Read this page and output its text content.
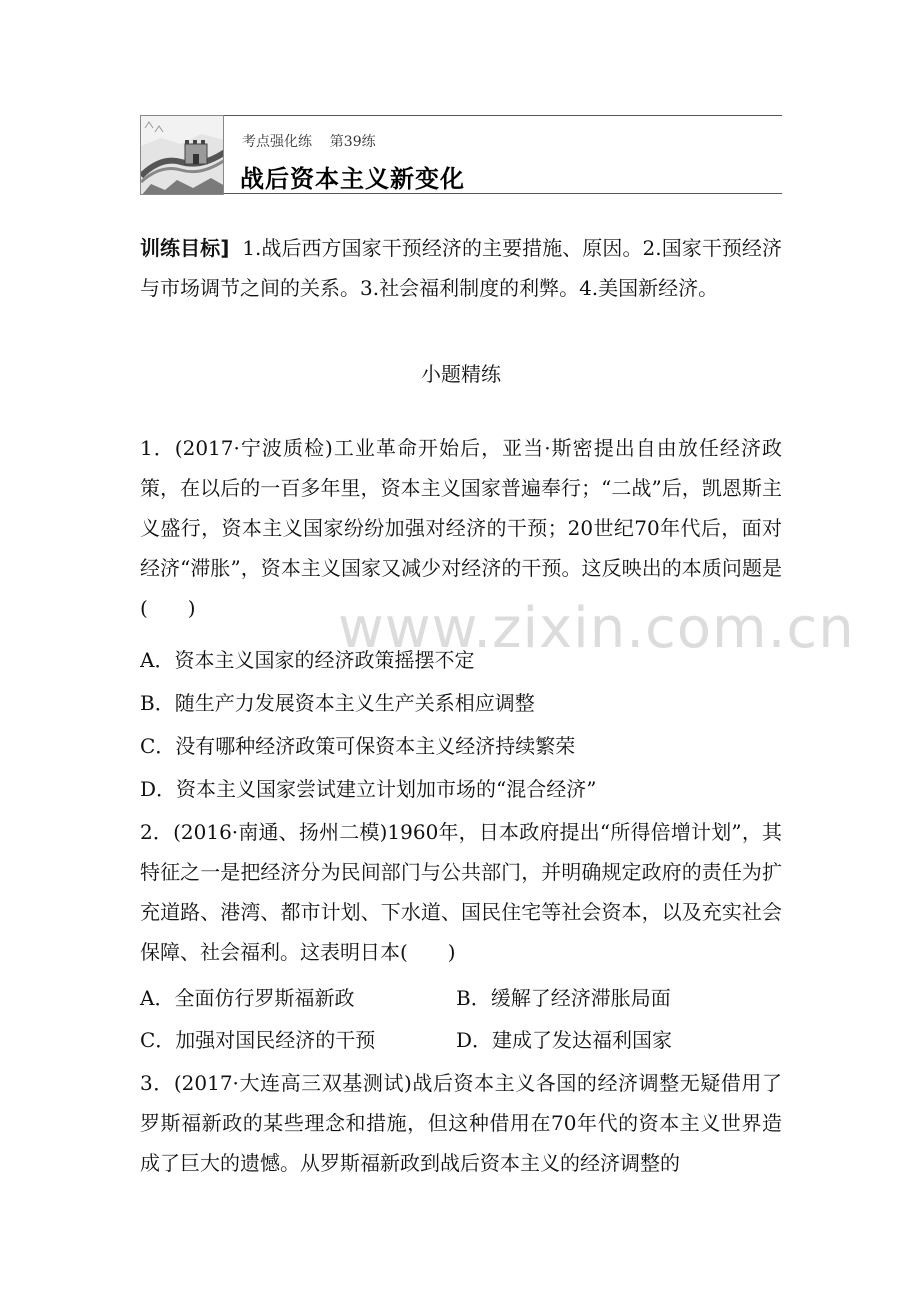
考点强化练    第39练
战后资本主义新变化

训练目标] 1.战后西方国家干预经济的主要措施、原因。2.国家干预经济与市场调节之间的关系。3.社会福利制度的利弊。4.美国新经济。

小题精练
www.zixin.com.cn

1．(2017·宁波质检)工业革命开始后，亚当·斯密提出自由放任经济政策，在以后的一百多年里，资本主义国家普遍奉行；“二战”后，凯恩斯主义盛行，资本主义国家纷纷加强对经济的干预；20世纪70年代后，面对经济“滞胀”，资本主义国家又减少对经济的干预。这反映出的本质问题是(　　)

A．资本主义国家的经济政策摇摆不定
B．随生产力发展资本主义生产关系相应调整
C．没有哪种经济政策可保资本主义经济持续繁荣
D．资本主义国家尝试建立计划加市场的“混合经济”

2．(2016·南通、扬州二模)1960年，日本政府提出“所得倍增计划”，其特征之一是把经济分为民间部门与公共部门，并明确规定政府的责任为扩充道路、港湾、都市计划、下水道、国民住宅等社会资本，以及充实社会保障、社会福利。这表明日本(　　)

A．全面仿行罗斯福新政	B．缓解了经济滞胀局面
C．加强对国民经济的干预	D．建成了发达福利国家

3．(2017·大连高三双基测试)战后资本主义各国的经济调整无疑借用了罗斯福新政的某些理念和措施，但这种借用在70年代的资本主义世界造成了巨大的遗憾。从罗斯福新政到战后资本主义的经济调整的
